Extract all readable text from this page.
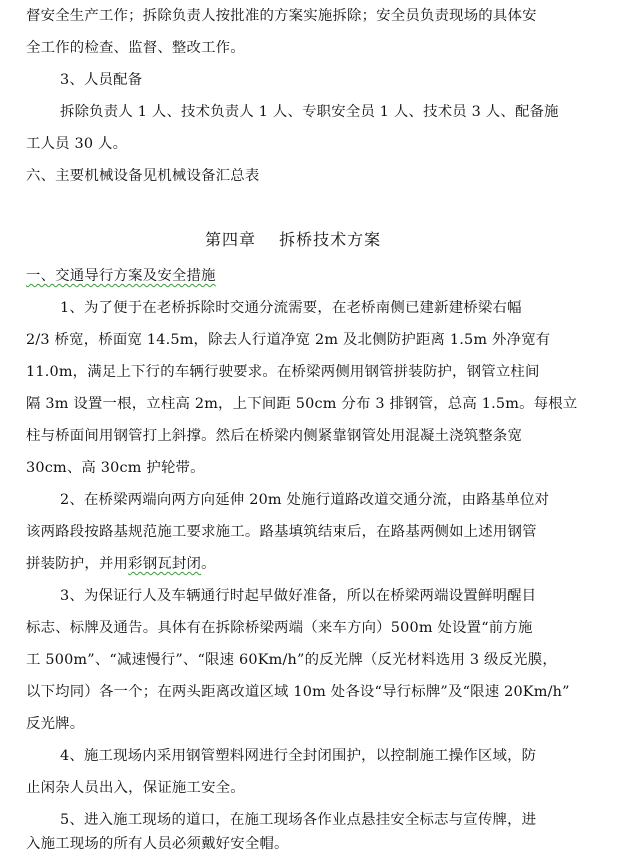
督安全生产工作；拆除负责人按批准的方案实施拆除；安全员负责现场的具体安
全工作的检查、监督、整改工作。
3、人员配备
拆除负责人 1 人、技术负责人 1 人、专职安全员 1 人、技术员 3 人、配备施
工人员 30 人。
六、主要机械设备见机械设备汇总表
第四章　 拆桥技术方案
一、交通导行方案及安全措施
1、为了便于在老桥拆除时交通分流需要，在老桥南侧已建新建桥梁右幅
2/3 桥宽，桥面宽 14.5m，除去人行道净宽 2m 及北侧防护距离 1.5m 外净宽有
11.0m，满足上下行的车辆行驶要求。在桥梁两侧用钢管拼装防护，钢管立柱间
隔 3m 设置一根，立柱高 2m，上下间距 50cm 分布 3 排钢管，总高 1.5m。每根立
柱与桥面间用钢管打上斜撑。然后在桥梁内侧紧靠钢管处用混凝土浇筑整条宽
30cm、高 30cm 护轮带。
2、在桥梁两端向两方向延伸 20m 处施行道路改道交通分流，由路基单位对
该两路段按路基规范施工要求施工。路基填筑结束后，在路基两侧如上述用钢管
拼装防护，并用彩钢瓦封闭。
3、为保证行人及车辆通行时起早做好准备，所以在桥梁两端设置鲜明醒目
标志、标牌及通告。具体有在拆除桥梁两端（来车方向）500m 处设置“前方施
工 500m”、“减速慢行”、“限速 60Km/h”的反光牌（反光材料选用 3 级反光膜，
以下均同）各一个；在两头距离改道区域 10m 处各设“导行标牌”及“限速 20Km/h”
反光牌。
4、施工现场内采用钢管塑料网进行全封闭围护，以控制施工操作区域，防
止闲杂人员出入，保证施工安全。
5、进入施工现场的道口，在施工现场各作业点悬挂安全标志与宣传牌，进
入施工现场的所有人员必须戴好安全帽。
